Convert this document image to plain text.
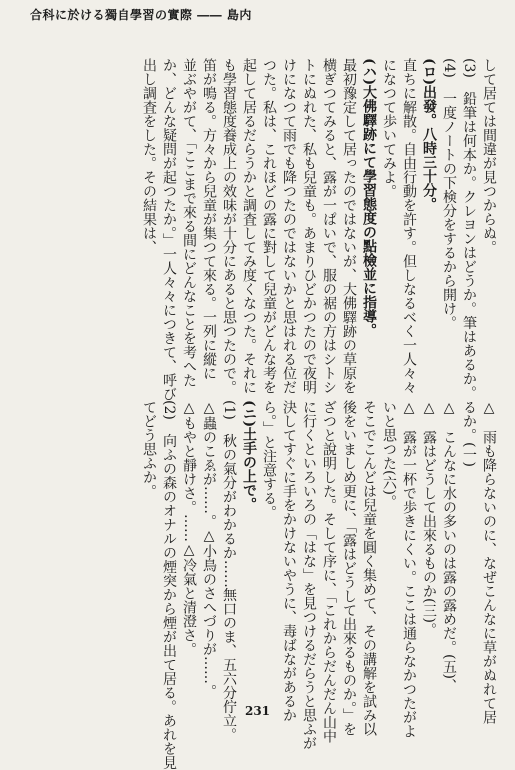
合科に於ける獨自學習の實際 ―― 島内
して居ては間違が見つからぬ。
(3)　鉛筆は何本か。クレヨンはどうか。筆はあるか。
(4)　一度ノートの下検分をするから開け。
(ロ)出發。八時三十分。
直ちに解散。自由行動を許す。但しなるべく一人々々
になつて歩いてみよ。
(ハ)大佛驛跡にて學習態度の點檢並に指導。
最初豫定して居ったのではないが、大佛驛跡の草原を
横ぎつてみると、露が一ぱいで、服の裾の方はシトシ
トにぬれた、私も兒童も。あまりひどかつたので夜明
けになつて雨でも降つたのではないかと思はれる位だ
つた。私は、これほどの露に對して兒童がどんな考を
起して居るだらうかと調査してみ度くなつた。それに
も學習態度養成上の效味が十分にあると思つたので。
笛が鳴る。方々から兒童が集つて來る。一列に縱に
並ぶやがて、「ここまで來る間にどんなことを考へた
か、どんな疑問が起つたか。」一人々々につきて、呼び
出し調査をした。その結果は、
△　雨も降らないのに、なぜこんなに草がぬれて居
るか。(一)
△　こんなに水の多いのは露の露めだ。(五)、
△　露はどうして出來るものか(三)。
△　露が一杯で歩きにくい。ここは通らなかつたがよ
いと思つた(六)。
そこでこんどは兒童を圓く集めて、その講解を試み以
後をいましめ更に、「露はどうして出來るものか。」を
ざつと說明した。そして序に、「これからだんだん山中
に行くといろいろの「はな」を見つけるだらうと思ふが
決してすぐに手をかけないやうに、毒ばながあるか
ら。」と注意する。
(ニ)土手の上で。
(1)　秋の氣分がわかるか……無口のま、五六分佇立。
△蟲のこゑが……。△小鳥のさへづりが……。
△もやと靜けさ。……△冷氣と清澄さ。
(2)　向ふの森のオナルの煙突から煙が出て居る。あれを見
てどう思ふか。
231
